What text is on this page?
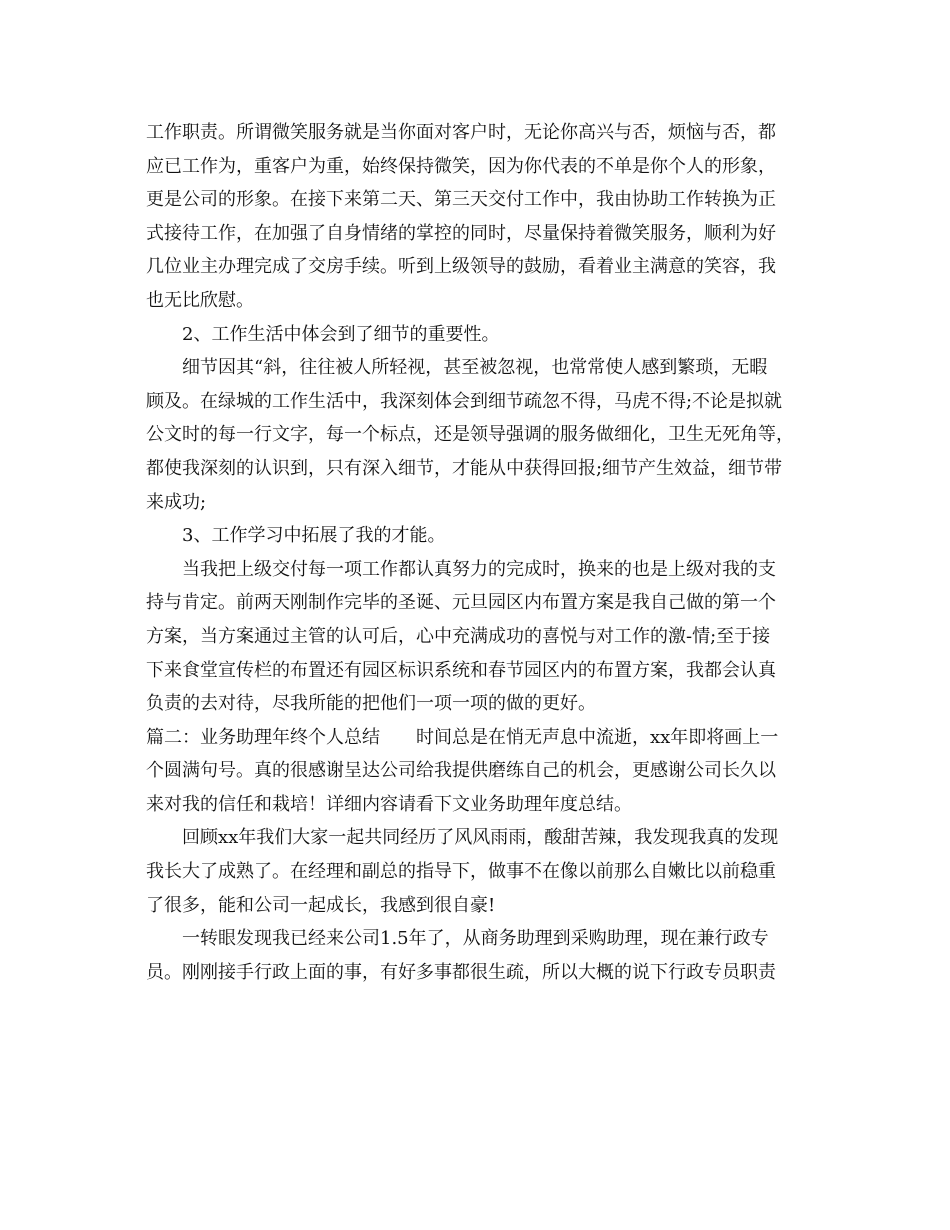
工作职责。所谓微笑服务就是当你面对客户时，无论你高兴与否，烦恼与否，都
应已工作为，重客户为重，始终保持微笑，因为你代表的不单是你个人的形象，
更是公司的形象。在接下来第二天、第三天交付工作中，我由协助工作转换为正
式接待工作，在加强了自身情绪的掌控的同时，尽量保持着微笑服务，顺利为好
几位业主办理完成了交房手续。听到上级领导的鼓励，看着业主满意的笑容，我
也无比欣慰。
2、工作生活中体会到了细节的重要性。
细节因其“斜，往往被人所轻视，甚至被忽视，也常常使人感到繁琐，无暇
顾及。在绿城的工作生活中，我深刻体会到细节疏忽不得，马虎不得;不论是拟就
公文时的每一行文字，每一个标点，还是领导强调的服务做细化，卫生无死角等，
都使我深刻的认识到，只有深入细节，才能从中获得回报;细节产生效益，细节带
来成功;
3、工作学习中拓展了我的才能。
当我把上级交付每一项工作都认真努力的完成时，换来的也是上级对我的支
持与肯定。前两天刚制作完毕的圣诞、元旦园区内布置方案是我自己做的第一个
方案，当方案通过主管的认可后，心中充满成功的喜悦与对工作的激-情;至于接
下来食堂宣传栏的布置还有园区标识系统和春节园区内的布置方案，我都会认真
负责的去对待，尽我所能的把他们一项一项的做的更好。
篇二：业务助理年终个人总结　　时间总是在悄无声息中流逝，xx年即将画上一
个圆满句号。真的很感谢呈达公司给我提供磨练自己的机会，更感谢公司长久以
来对我的信任和栽培！详细内容请看下文业务助理年度总结。
回顾xx年我们大家一起共同经历了风风雨雨，酸甜苦辣，我发现我真的发现
我长大了成熟了。在经理和副总的指导下，做事不在像以前那么自嫩比以前稳重
了很多，能和公司一起成长，我感到很自豪!
一转眼发现我已经来公司1.5年了，从商务助理到采购助理，现在兼行政专
员。刚刚接手行政上面的事，有好多事都很生疏，所以大概的说下行政专员职责
